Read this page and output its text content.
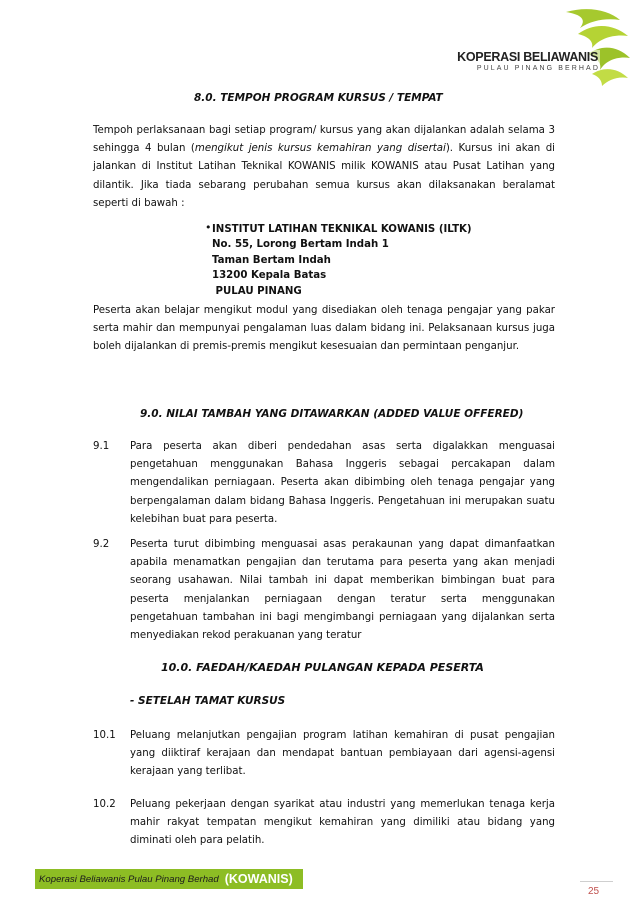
KOPERASI BELIAWANIS
PULAU PINANG BERHAD
8.0. TEMPOH PROGRAM KURSUS / TEMPAT
Tempoh perlaksanaan bagi setiap program/ kursus yang akan dijalankan adalah selama 3 sehingga 4 bulan (mengikut jenis kursus kemahiran yang disertai). Kursus ini akan di jalankan di Institut Latihan Teknikal KOWANIS milik KOWANIS atau Pusat Latihan yang dilantik. Jika tiada sebarang perubahan semua kursus akan dilaksanakan beralamat seperti di bawah :
• INSTITUT LATIHAN TEKNIKAL KOWANIS (ILTK)
No. 55, Lorong Bertam Indah 1
Taman Bertam Indah
13200 Kepala Batas
PULAU PINANG
Peserta akan belajar mengikut modul yang disediakan oleh tenaga pengajar yang pakar serta mahir dan mempunyai pengalaman luas dalam bidang ini. Pelaksanaan kursus juga boleh dijalankan di premis-premis mengikut kesesuaian dan permintaan penganjur.
9.0. NILAI TAMBAH YANG DITAWARKAN (ADDED VALUE OFFERED)
9.1 Para peserta akan diberi pendedahan asas serta digalakkan menguasai pengetahuan menggunakan Bahasa Inggeris sebagai percakapan dalam mengendalikan perniagaan. Peserta akan dibimbing oleh tenaga pengajar yang berpengalaman dalam bidang Bahasa Inggeris. Pengetahuan ini merupakan suatu kelebihan buat para peserta.
9.2 Peserta turut dibimbing menguasai asas perakaunan yang dapat dimanfaatkan apabila menamatkan pengajian dan terutama para peserta yang akan menjadi seorang usahawan. Nilai tambah ini dapat memberikan bimbingan buat para peserta menjalankan perniagaan dengan teratur serta menggunakan pengetahuan tambahan ini bagi mengimbangi perniagaan yang dijalankan serta menyediakan rekod perakuanan yang teratur
10.0. FAEDAH/KAEDAH PULANGAN KEPADA PESERTA
- SETELAH TAMAT KURSUS
10.1 Peluang melanjutkan pengajian program latihan kemahiran di pusat pengajian yang diiktiraf kerajaan dan mendapat bantuan pembiayaan dari agensi-agensi kerajaan yang terlibat.
10.2 Peluang pekerjaan dengan syarikat atau industri yang memerlukan tenaga kerja mahir rakyat tempatan mengikut kemahiran yang dimiliki atau bidang yang diminati oleh para pelatih.
Koperasi Beliawanis Pulau Pinang Berhad (KOWANIS)
25
